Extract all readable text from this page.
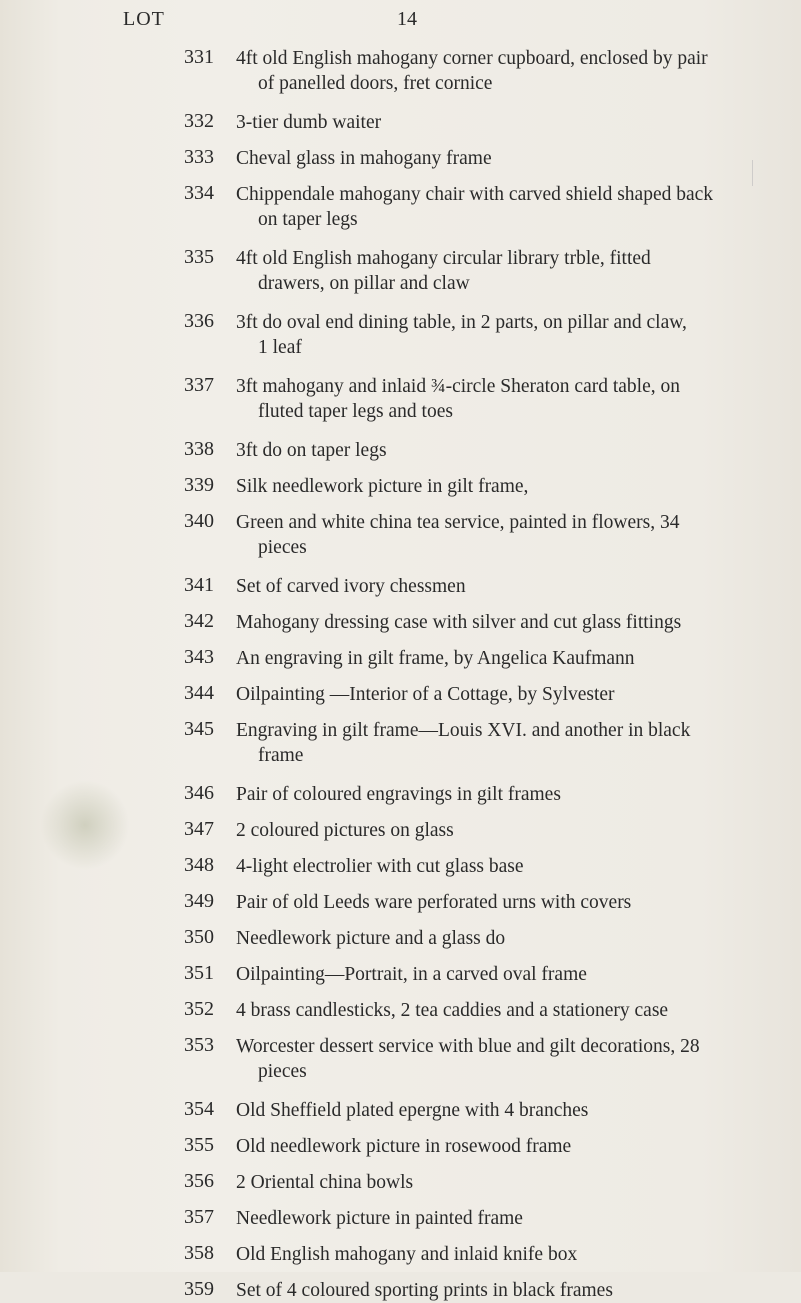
LOT	14
331 4ft old English mahogany corner cupboard, enclosed by pair
of panelled doors, fret cornice
332 3-tier dumb waiter
333 Cheval glass in mahogany frame
334 Chippendale mahogany chair with carved shield shaped back
on taper legs
335 4ft old English mahogany circular library trble, fitted
drawers, on pillar and claw
336 3ft do oval end dining table, in 2 parts, on pillar and claw,
1 leaf
337 3ft mahogany and inlaid ¾-circle Sheraton card table, on
fluted taper legs and toes
338 3ft do on taper legs
339 Silk needlework picture in gilt frame,
340 Green and white china tea service, painted in flowers, 34
pieces
341 Set of carved ivory chessmen
342 Mahogany dressing case with silver and cut glass fittings
343 An engraving in gilt frame, by Angelica Kaufmann
344 Oilpainting —Interior of a Cottage, by Sylvester
345 Engraving in gilt frame—Louis XVI. and another in black
frame
346 Pair of coloured engravings in gilt frames
347 2 coloured pictures on glass
348 4-light electrolier with cut glass base
349 Pair of old Leeds ware perforated urns with covers
350 Needlework picture and a glass do
351 Oilpainting—Portrait, in a carved oval frame
352 4 brass candlesticks, 2 tea caddies and a stationery case
353 Worcester dessert service with blue and gilt decorations, 28
pieces
354 Old Sheffield plated epergne with 4 branches
355 Old needlework picture in rosewood frame
356 2 Oriental china bowls
357 Needlework picture in painted frame
358 Old English mahogany and inlaid knife box
359 Set of 4 coloured sporting prints in black frames
